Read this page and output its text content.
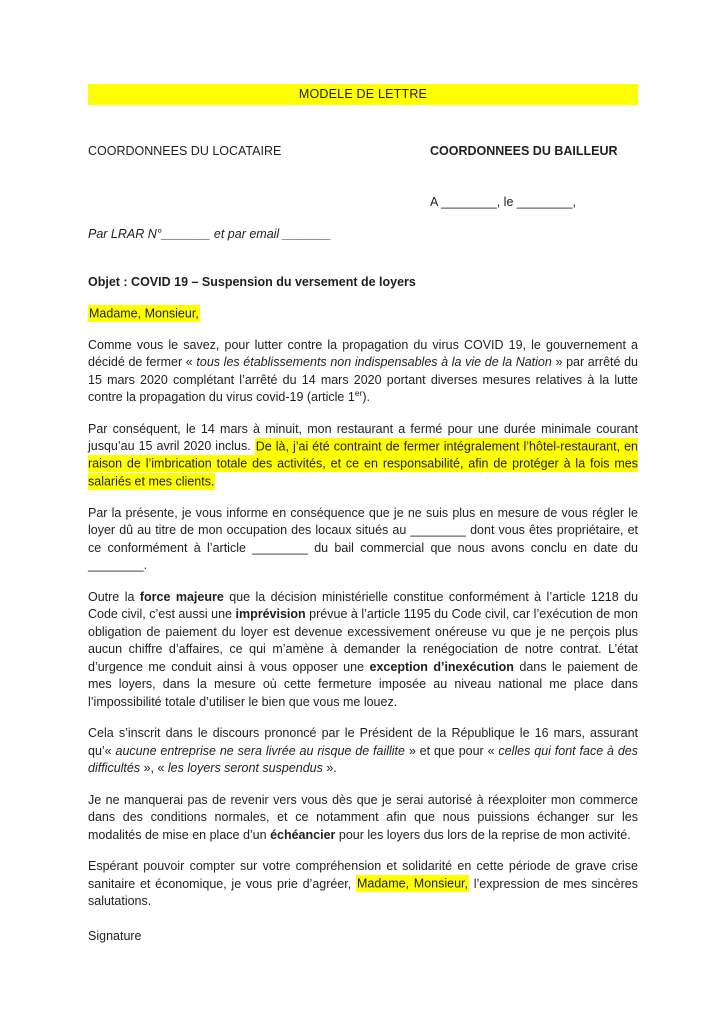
MODELE DE LETTRE
COORDONNEES DU LOCATAIRE	COORDONNEES DU BAILLEUR
A ________, le ________,
Par LRAR N°_______ et par email _______
Objet : COVID 19 – Suspension du versement de loyers
Madame, Monsieur,

Comme vous le savez, pour lutter contre la propagation du virus COVID 19, le gouvernement a décidé de fermer « tous les établissements non indispensables à la vie de la Nation » par arrêté du 15 mars 2020 complétant l’arrêté du 14 mars 2020 portant diverses mesures relatives à la lutte contre la propagation du virus covid-19 (article 1er).

Par conséquent, le 14 mars à minuit, mon restaurant a fermé pour une durée minimale courant jusqu’au 15 avril 2020 inclus. De là, j’ai été contraint de fermer intégralement l’hôtel-restaurant, en raison de l’imbrication totale des activités, et ce en responsabilité, afin de protéger à la fois mes salariés et mes clients.

Par la présente, je vous informe en conséquence que je ne suis plus en mesure de vous régler le loyer dû au titre de mon occupation des locaux situés au ________ dont vous êtes propriétaire, et ce conformément à l’article ________ du bail commercial que nous avons conclu en date du ________.

Outre la force majeure que la décision ministérielle constitue conformément à l’article 1218 du Code civil, c’est aussi une imprévision prévue à l’article 1195 du Code civil, car l’exécution de mon obligation de paiement du loyer est devenue excessivement onéreuse vu que je ne perçois plus aucun chiffre d’affaires, ce qui m’amène à demander la renégociation de notre contrat. L’état d’urgence me conduit ainsi à vous opposer une exception d’inexécution dans le paiement de mes loyers, dans la mesure où cette fermeture imposée au niveau national me place dans l’impossibilité totale d’utiliser le bien que vous me louez.

Cela s’inscrit dans le discours prononcé par le Président de la République le 16 mars, assurant qu’« aucune entreprise ne sera livrée au risque de faillite » et que pour « celles qui font face à des difficultés », « les loyers seront suspendus ».

Je ne manquerai pas de revenir vers vous dès que je serai autorisé à réexploiter mon commerce dans des conditions normales, et ce notamment afin que nous puissions échanger sur les modalités de mise en place d’un échéancier pour les loyers dus lors de la reprise de mon activité.

Espérant pouvoir compter sur votre compréhension et solidarité en cette période de grave crise sanitaire et économique, je vous prie d’agréer, Madame, Monsieur, l’expression de mes sincères salutations.

Signature
